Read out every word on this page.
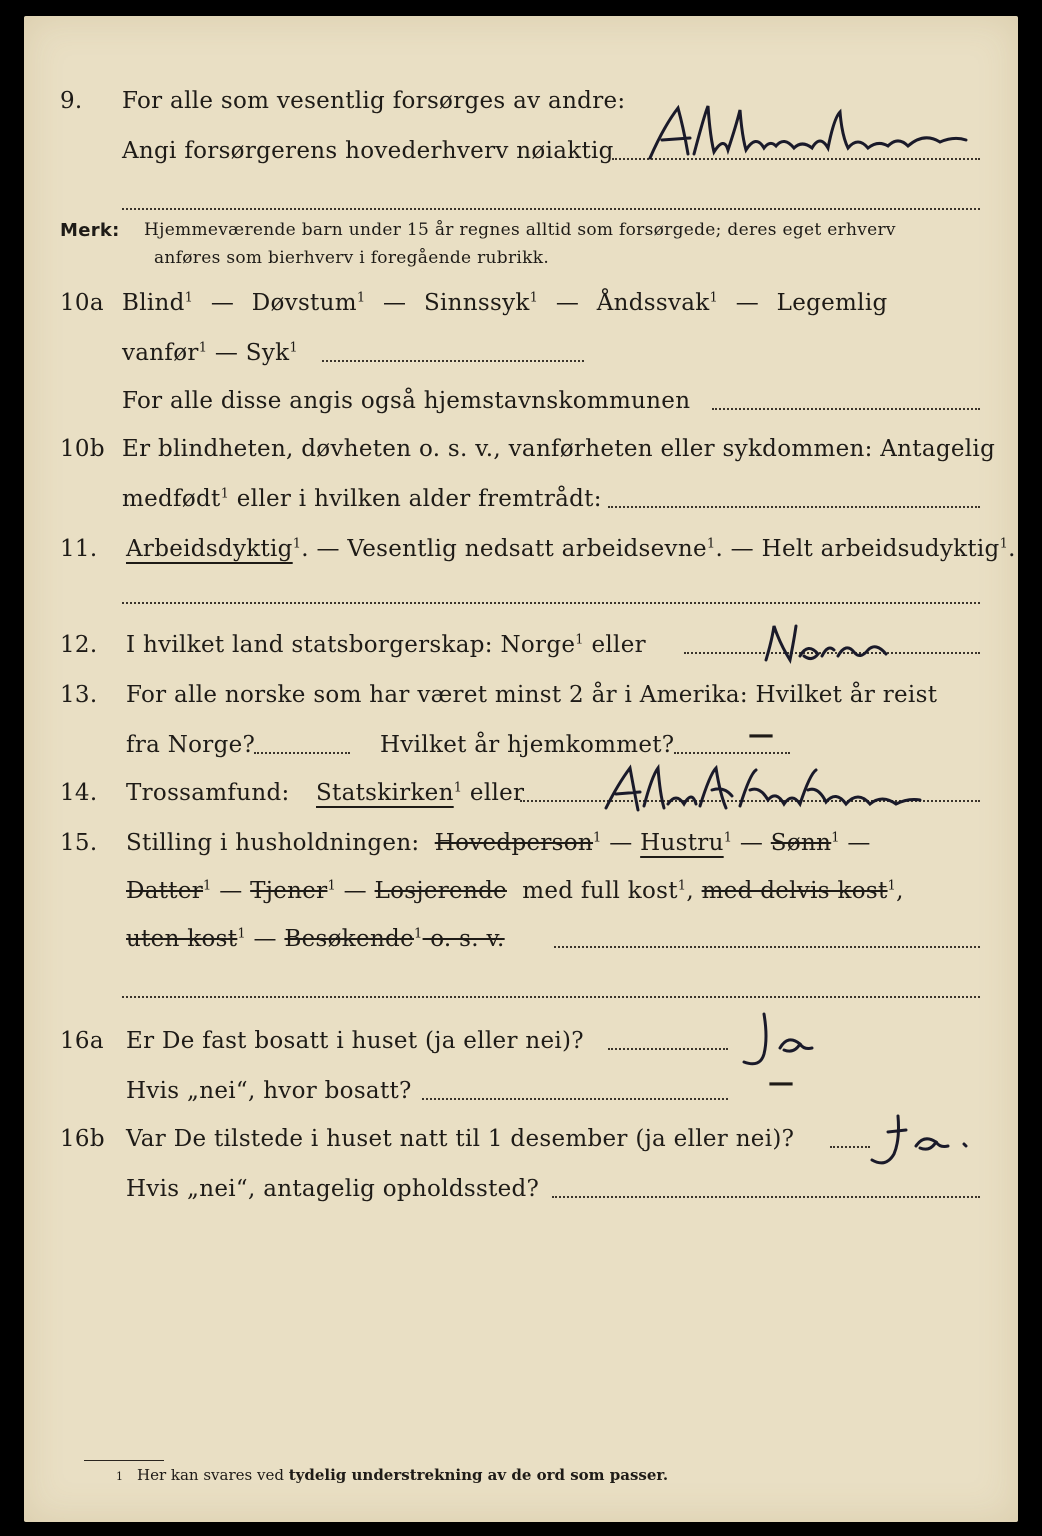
9. For alle som vesentlig forsørges av andre:
Angi forsørgerens hovederhverv nøiaktig
Møbelhandler
Merk: Hjemmeværende barn under 15 år regnes alltid som forsørgede; deres eget erhverv
anføres som bierhverv i foregående rubrikk.
10a Blind$^1$ — Døvstum$^1$ — Sinnssyk$^1$ — Åndssvak$^1$ — Legemlig
vanfør$^1$ — Syk$^1$
For alle disse angis også hjemstavnskommunen
10b Er blindheten, døvheten o. s. v., vanførheten eller sykdommen: Antagelig
medfødt$^1$ eller i hvilken alder fremtrådt:
11. Arbeidsdyktig$^1$. — Vesentlig nedsatt arbeidsevne$^1$. — Helt arbeidsudyktig$^1$.
12. I hvilket land statsborgerskap: Norge$^1$ eller
Norge
13. For alle norske som har været minst 2 år i Amerika: Hvilket år reist
fra Norge?	Hvilket år hjemkommet?	—
14. Trossamfund: Statskirken$^1$ eller
Statskirken
15. Stilling i husholdningen: Hovedperson$^1$ — Hustru$^1$ — Sønn$^1$ —
Datter$^1$ — Tjener$^1$ — Losjerende med full kost$^1$, med delvis kost$^1$,
uten kost$^1$ — Besøkende$^1$ o. s. v.
16a Er De fast bosatt i huset (ja eller nei)?
Ja
Hvis „nei“, hvor bosatt?	—
16b Var De tilstede i huset natt til 1 desember (ja eller nei)?
Ja .
Hvis „nei“, antagelig opholdssted?
1 Her kan svares ved tydelig understrekning av de ord som passer.
